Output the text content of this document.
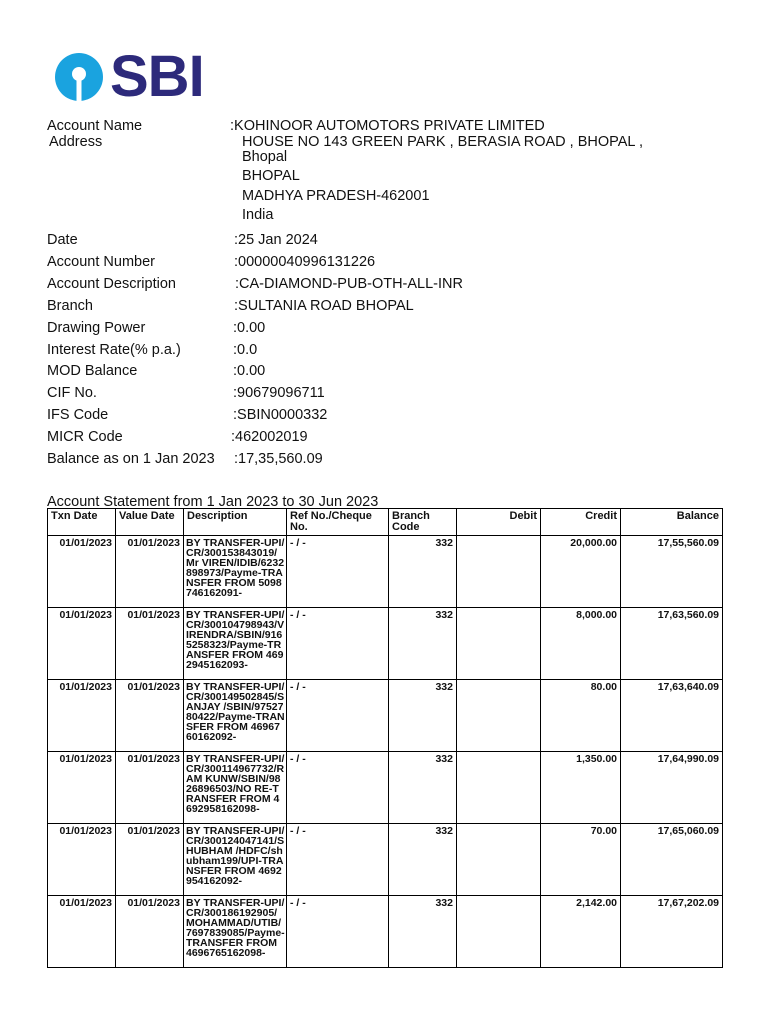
SBI
Account Name	:KOHINOOR AUTOMOTORS PRIVATE LIMITED
Address	HOUSE NO 143 GREEN PARK , BERASIA ROAD , BHOPAL ,
Bhopal
BHOPAL
MADHYA PRADESH-462001
India
Date	:25 Jan 2024
Account Number	:00000040996131226
Account Description	:CA-DIAMOND-PUB-OTH-ALL-INR
Branch	:SULTANIA ROAD BHOPAL
Drawing Power	:0.00
Interest Rate(% p.a.)	:0.0
MOD Balance	:0.00
CIF No.	:90679096711
IFS Code	:SBIN0000332
MICR Code	:462002019
Balance as on 1 Jan 2023 :17,35,560.09
Account Statement from 1 Jan 2023 to 30 Jun 2023
Txn Date	Value Date	Description	Ref No./Cheque No.	Branch Code	Debit	Credit	Balance
01/01/2023	01/01/2023	BY TRANSFER-UPI/CR/300153843019/Mr VIREN/IDIB/6232898973/Payme-TRANSFER FROM 5098746162091-	- / -	332		20,000.00	17,55,560.09
01/01/2023	01/01/2023	BY TRANSFER-UPI/CR/300104798943/VIRENDRA/SBIN/9165258323/Payme-TRANSFER FROM 4692945162093-	- / -	332		8,000.00	17,63,560.09
01/01/2023	01/01/2023	BY TRANSFER-UPI/CR/300149502845/SANJAY /SBIN/9752780422/Payme-TRANSFER FROM 4696760162092-	- / -	332		80.00	17,63,640.09
01/01/2023	01/01/2023	BY TRANSFER-UPI/CR/300114967732/RAM KUNW/SBIN/9826896503/NO RE-TRANSFER FROM 4692958162098-	- / -	332		1,350.00	17,64,990.09
01/01/2023	01/01/2023	BY TRANSFER-UPI/CR/300124047141/SHUBHAM /HDFC/shubham199/UPI-TRANSFER FROM 4692954162092-	- / -	332		70.00	17,65,060.09
01/01/2023	01/01/2023	BY TRANSFER-UPI/CR/300186192905/MOHAMMAD/UTIB/7697839085/Payme-TRANSFER FROM 4696765162098-	- / -	332		2,142.00	17,67,202.09
